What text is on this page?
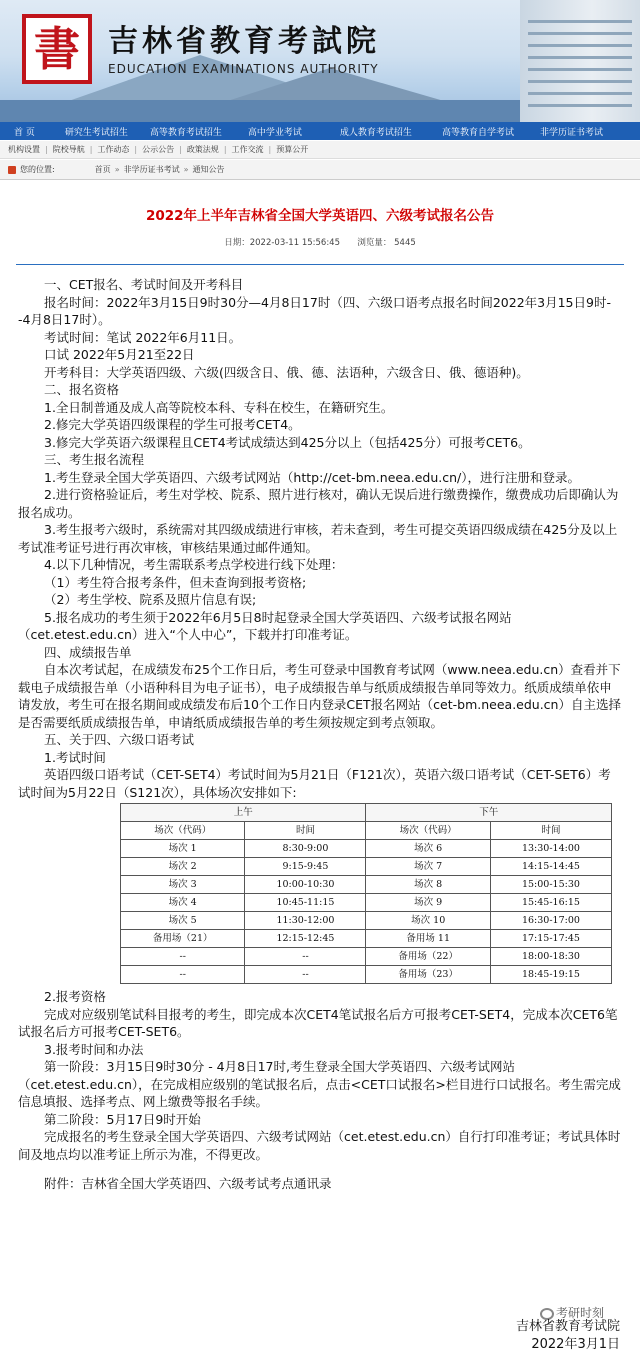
書 吉林省教育考試院
EDUCATION EXAMINATIONS AUTHORITY
首 页	研究生考试招生 高等教育考试招生	高中学业考试	成人教育考试招生	高等教育自学考试	非学历证书考试
机构设置 | 院校导航 | 工作动态 | 公示公告 | 政策法规 | 工作交流 | 预算公开
您的位置:	首页 » 非学历证书考试 » 通知公告
2022年上半年吉林省全国大学英语四、六级考试报名公告
日期：2022-03-11 15:56:45 浏览量： 5445

一、CET报名、考试时间及开考科目

报名时间：2022年3月15日9时30分—4月8日17时（四、六级口语考点报名时间2022年3月15日9时--4月8日17时）。

考试时间：笔试 2022年6月11日。

口试 2022年5月21至22日

开考科目：大学英语四级、六级(四级含日、俄、德、法语种，六级含日、俄、德语种)。

二、报名资格

1.全日制普通及成人高等院校本科、专科在校生，在籍研究生。

2.修完大学英语四级课程的学生可报考CET4。

3.修完大学英语六级课程且CET4考试成绩达到425分以上（包括425分）可报考CET6。

三、考生报名流程

1.考生登录全国大学英语四、六级考试网站（http://cet-bm.neea.edu.cn/），进行注册和登录。

2.进行资格验证后，考生对学校、院系、照片进行核对，确认无误后进行缴费操作，缴费成功后即确认为报名成功。

3.考生报考六级时，系统需对其四级成绩进行审核，若未查到，考生可提交英语四级成绩在425分及以上考试准考证号进行再次审核，审核结果通过邮件通知。

4.以下几种情况，考生需联系考点学校进行线下处理：

（1）考生符合报考条件，但未查询到报考资格;

（2）考生学校、院系及照片信息有误;

5.报名成功的考生须于2022年6月5日8时起登录全国大学英语四、六级考试报名网站（cet.etest.edu.cn）进入“个人中心”，下载并打印准考证。

四、成绩报告单

自本次考试起，在成绩发布25个工作日后，考生可登录中国教育考试网（www.neea.edu.cn）查看并下载电子成绩报告单（小语种科目为电子证书），电子成绩报告单与纸质成绩报告单同等效力。纸质成绩单依申请发放，考生可在报名期间或成绩发布后10个工作日内登录CET报名网站（cet-bm.neea.edu.cn）自主选择是否需要纸质成绩报告单，申请纸质成绩报告单的考生须按规定到考点领取。

五、关于四、六级口语考试

1.考试时间

英语四级口语考试（CET-SET4）考试时间为5月21日（F121次），英语六级口语考试（CET-SET6）考试时间为5月22日（S121次），具体场次安排如下:

上午		下午	
场次（代码）	时间	场次（代码）	时间
场次 1	8:30-9:00	场次 6	13:30-14:00
场次 2	9:15-9:45	场次 7	14:15-14:45
场次 3	10:00-10:30	场次 8	15:00-15:30
场次 4	10:45-11:15	场次 9	15:45-16:15
场次 5	11:30-12:00	场次 10	16:30-17:00
备用场（21）	12:15-12:45	备用场 11	17:15-17:45
--	--	备用场（22）	18:00-18:30
--	--	备用场（23）	18:45-19:15

2.报考资格

完成对应级别笔试科目报考的考生，即完成本次CET4笔试报名后方可报考CET-SET4，完成本次CET6笔试报名后方可报考CET-SET6。

3.报考时间和办法

第一阶段：3月15日9时30分 - 4月8日17时,考生登录全国大学英语四、六级考试网站（cet.etest.edu.cn），在完成相应级别的笔试报名后，点击<CET口试报名>栏目进行口试报名。考生需完成信息填报、选择考点、网上缴费等报名手续。

第二阶段：5月17日9时开始

完成报名的考生登录全国大学英语四、六级考试网站（cet.etest.edu.cn）自行打印准考证；考试具体时间及地点均以准考证上所示为准，不得更改。

附件：吉林省全国大学英语四、六级考试考点通讯录

考研时刻
吉林省教育考试院
2022年3月1日
